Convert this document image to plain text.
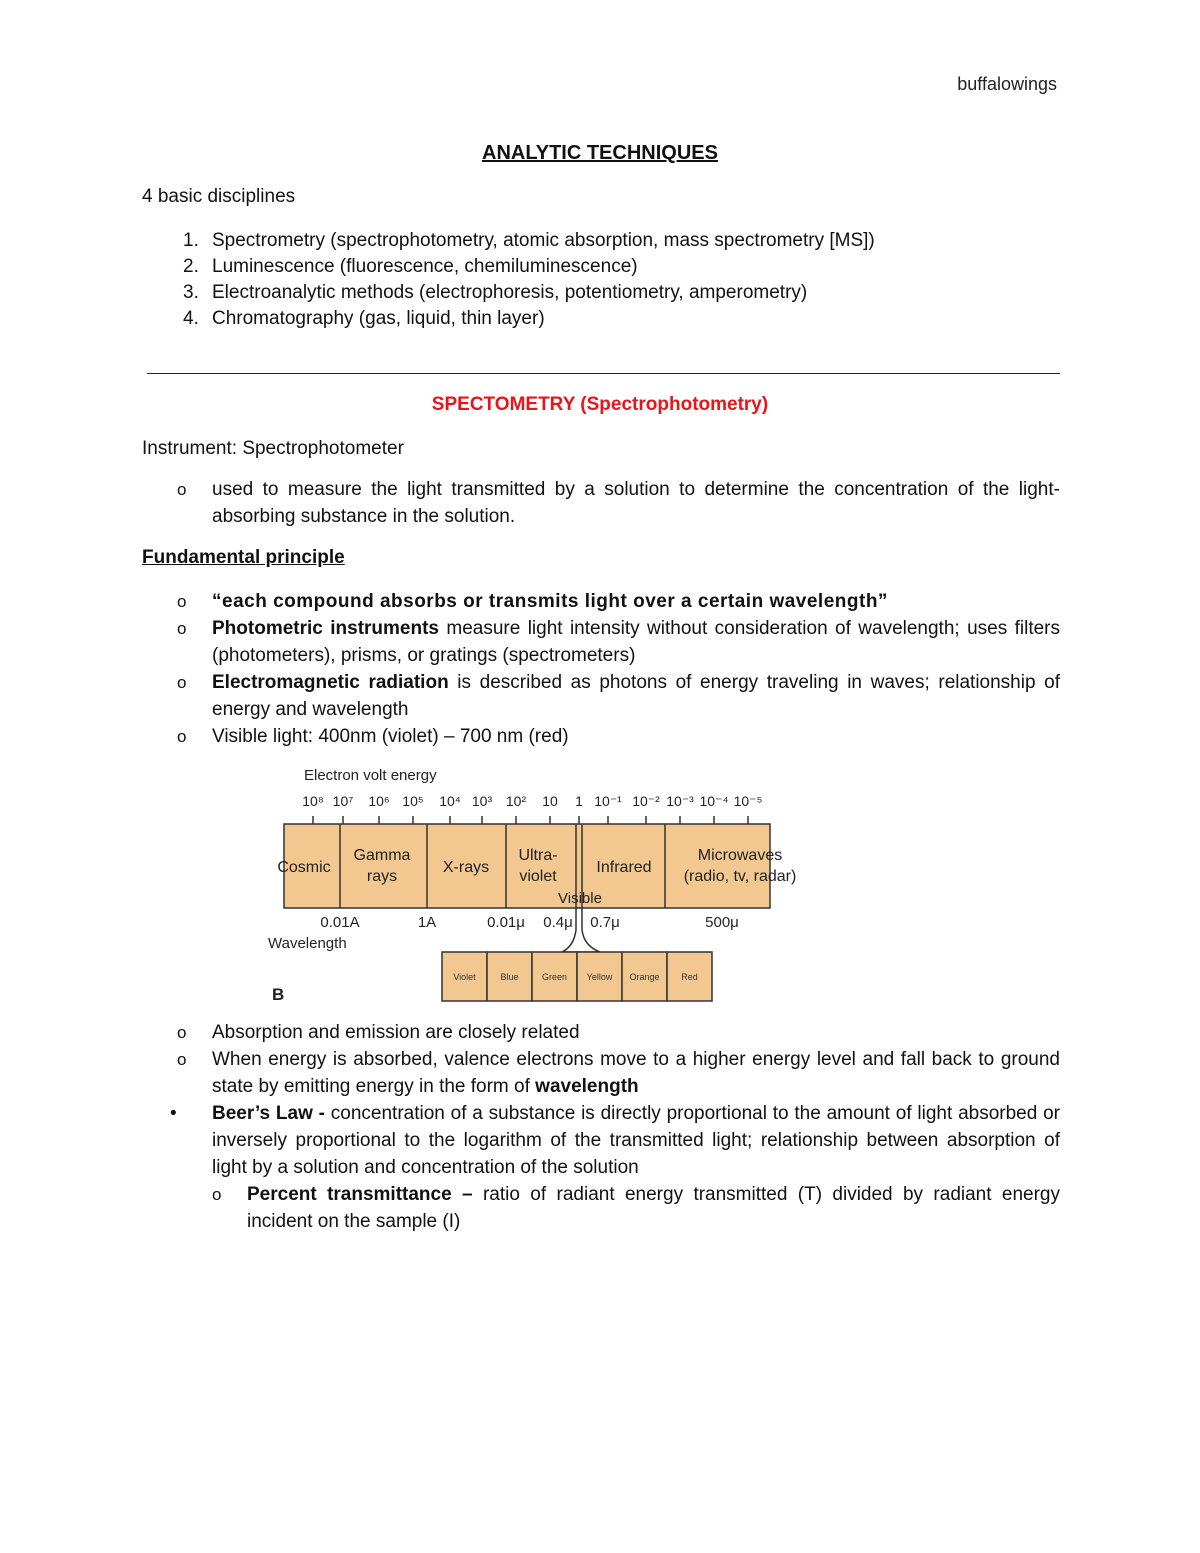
buffalowings
ANALYTIC TECHNIQUES
4 basic disciplines
1. Spectrometry (spectrophotometry, atomic absorption, mass spectrometry [MS])
2. Luminescence (fluorescence, chemiluminescence)
3. Electroanalytic methods (electrophoresis, potentiometry, amperometry)
4. Chromatography (gas, liquid, thin layer)
SPECTOMETRY (Spectrophotometry)
Instrument: Spectrophotometer
o used to measure the light transmitted by a solution to determine the concentration of the light-absorbing substance in the solution.
Fundamental principle
o “each compound absorbs or transmits light over a certain wavelength”
o Photometric instruments measure light intensity without consideration of wavelength; uses filters (photometers), prisms, or gratings (spectrometers)
o Electromagnetic radiation is described as photons of energy traveling in waves; relationship of energy and wavelength
o Visible light: 400nm (violet) – 700 nm (red)
Electron volt energy
10⁸ 10⁷ 10⁶ 10⁵ 10⁴ 10³ 10² 10 1 10⁻¹ 10⁻² 10⁻³ 10⁻⁴ 10⁻⁵
Cosmic
Gamma
rays
X-rays
Ultra-
violet
Infrared
Microwaves
(radio, tv, radar)
Visible
0.01A	1A	0.01μ 0.4μ 0.7μ	500μ
Wavelength
Violet	Blue	Green Yellow Orange Red
B
o Absorption and emission are closely related
o When energy is absorbed, valence electrons move to a higher energy level and fall back to ground state by emitting energy in the form of wavelength
• Beer’s Law - concentration of a substance is directly proportional to the amount of light absorbed or inversely proportional to the logarithm of the transmitted light; relationship between absorption of light by a solution and concentration of the solution
o Percent transmittance – ratio of radiant energy transmitted (T) divided by radiant energy incident on the sample (I)
